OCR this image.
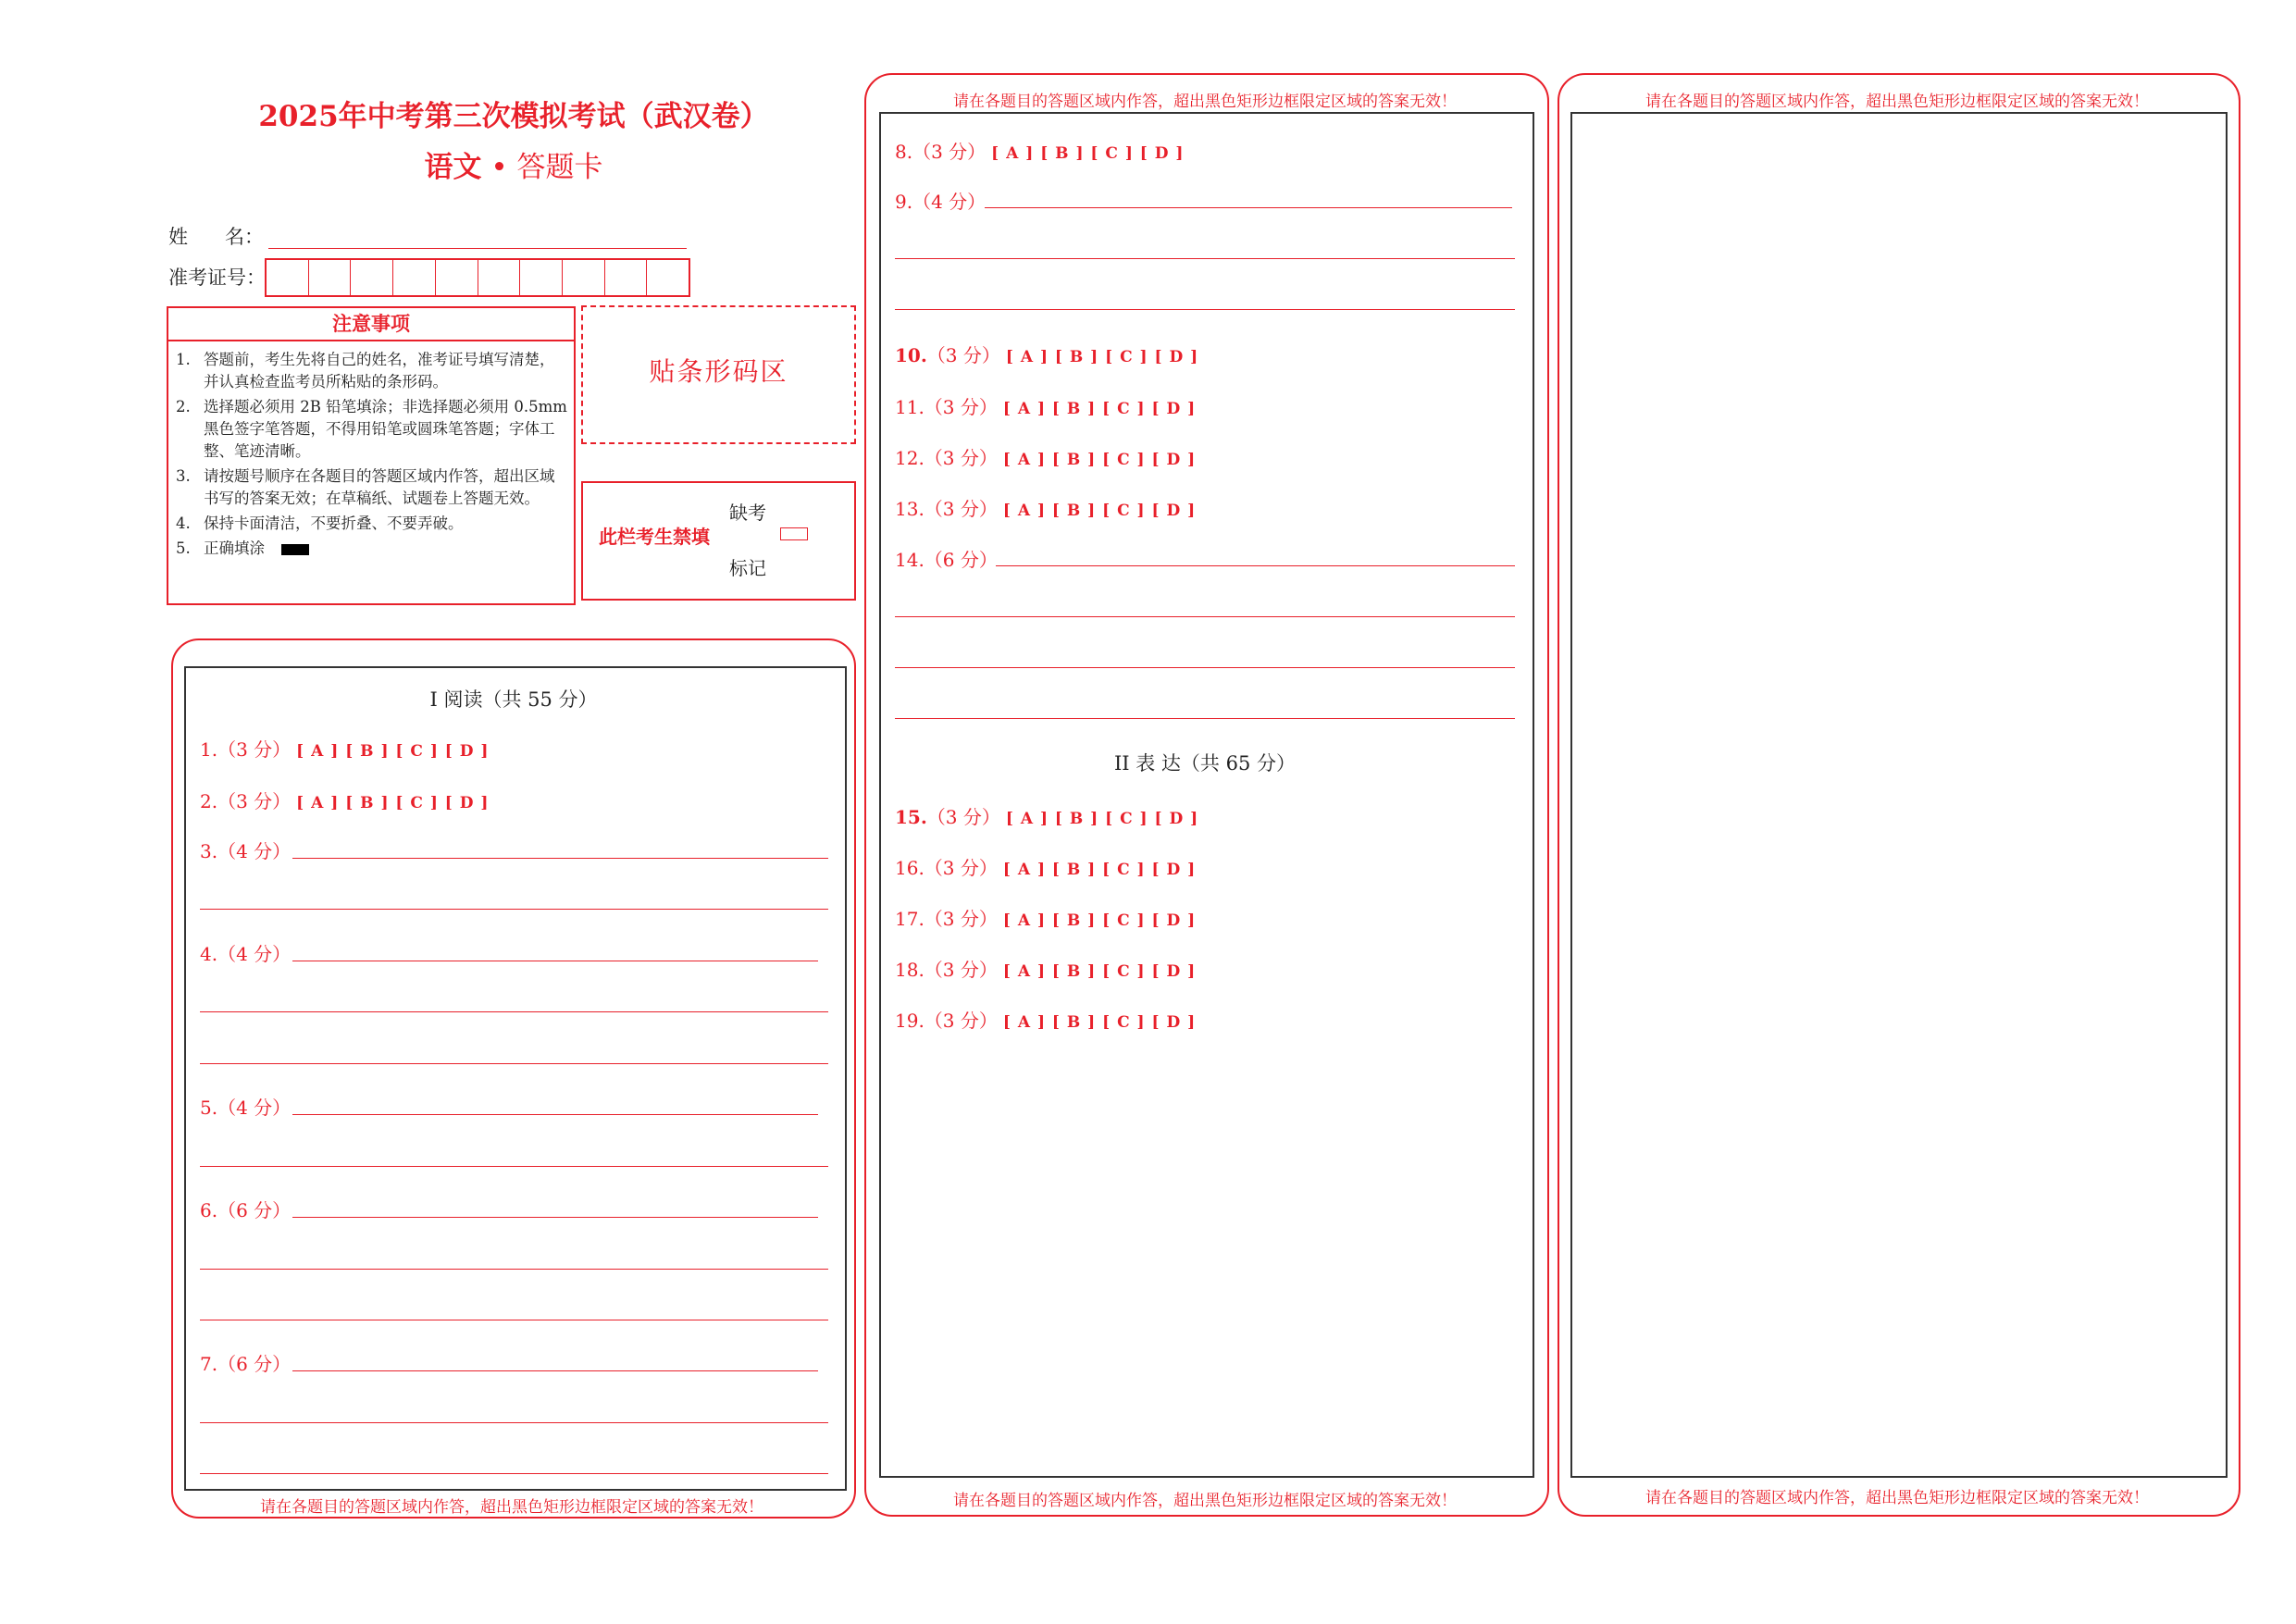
2025年中考第三次模拟考试（武汉卷）
语文 • 答题卡
姓      名：
准考证号：
注意事项
1. 答题前，考生先将自己的姓名，准考证号填写清楚，并认真检查监考员所粘贴的条形码。
2. 选择题必须用 2B 铅笔填涂；非选择题必须用 0.5mm 黑色签字笔答题，不得用铅笔或圆珠笔答题；字体工整、笔迹清晰。
3. 请按题号顺序在各题目的答题区域内作答，超出区域书写的答案无效；在草稿纸、试题卷上答题无效。
4. 保持卡面清洁，不要折叠、不要弄破。
5. 正确填涂
贴条形码区
此栏考生禁填
缺考
标记
请在各题目的答题区域内作答，超出黑色矩形边框限定区域的答案无效！
I 阅读（共 55 分）
1.（3 分） [ A ] [ B ] [ C ] [ D ]
2.（3 分） [ A ] [ B ] [ C ] [ D ]
3.（4 分）
4.（4 分）
5.（4 分）
6.（6 分）
7.（6 分）
请在各题目的答题区域内作答，超出黑色矩形边框限定区域的答案无效！
请在各题目的答题区域内作答，超出黑色矩形边框限定区域的答案无效！
8.（3 分） [ A ] [ B ] [ C ] [ D ]
9.（4 分）
10.（3 分） [ A ] [ B ] [ C ] [ D ]
11.（3 分） [ A ] [ B ] [ C ] [ D ]
12.（3 分） [ A ] [ B ] [ C ] [ D ]
13.（3 分） [ A ] [ B ] [ C ] [ D ]
14.（6 分）
II 表 达（共 65 分）
15.（3 分） [ A ] [ B ] [ C ] [ D ]
16.（3 分） [ A ] [ B ] [ C ] [ D ]
17.（3 分） [ A ] [ B ] [ C ] [ D ]
18.（3 分） [ A ] [ B ] [ C ] [ D ]
19.（3 分） [ A ] [ B ] [ C ] [ D ]
请在各题目的答题区域内作答，超出黑色矩形边框限定区域的答案无效！
请在各题目的答题区域内作答，超出黑色矩形边框限定区域的答案无效！
